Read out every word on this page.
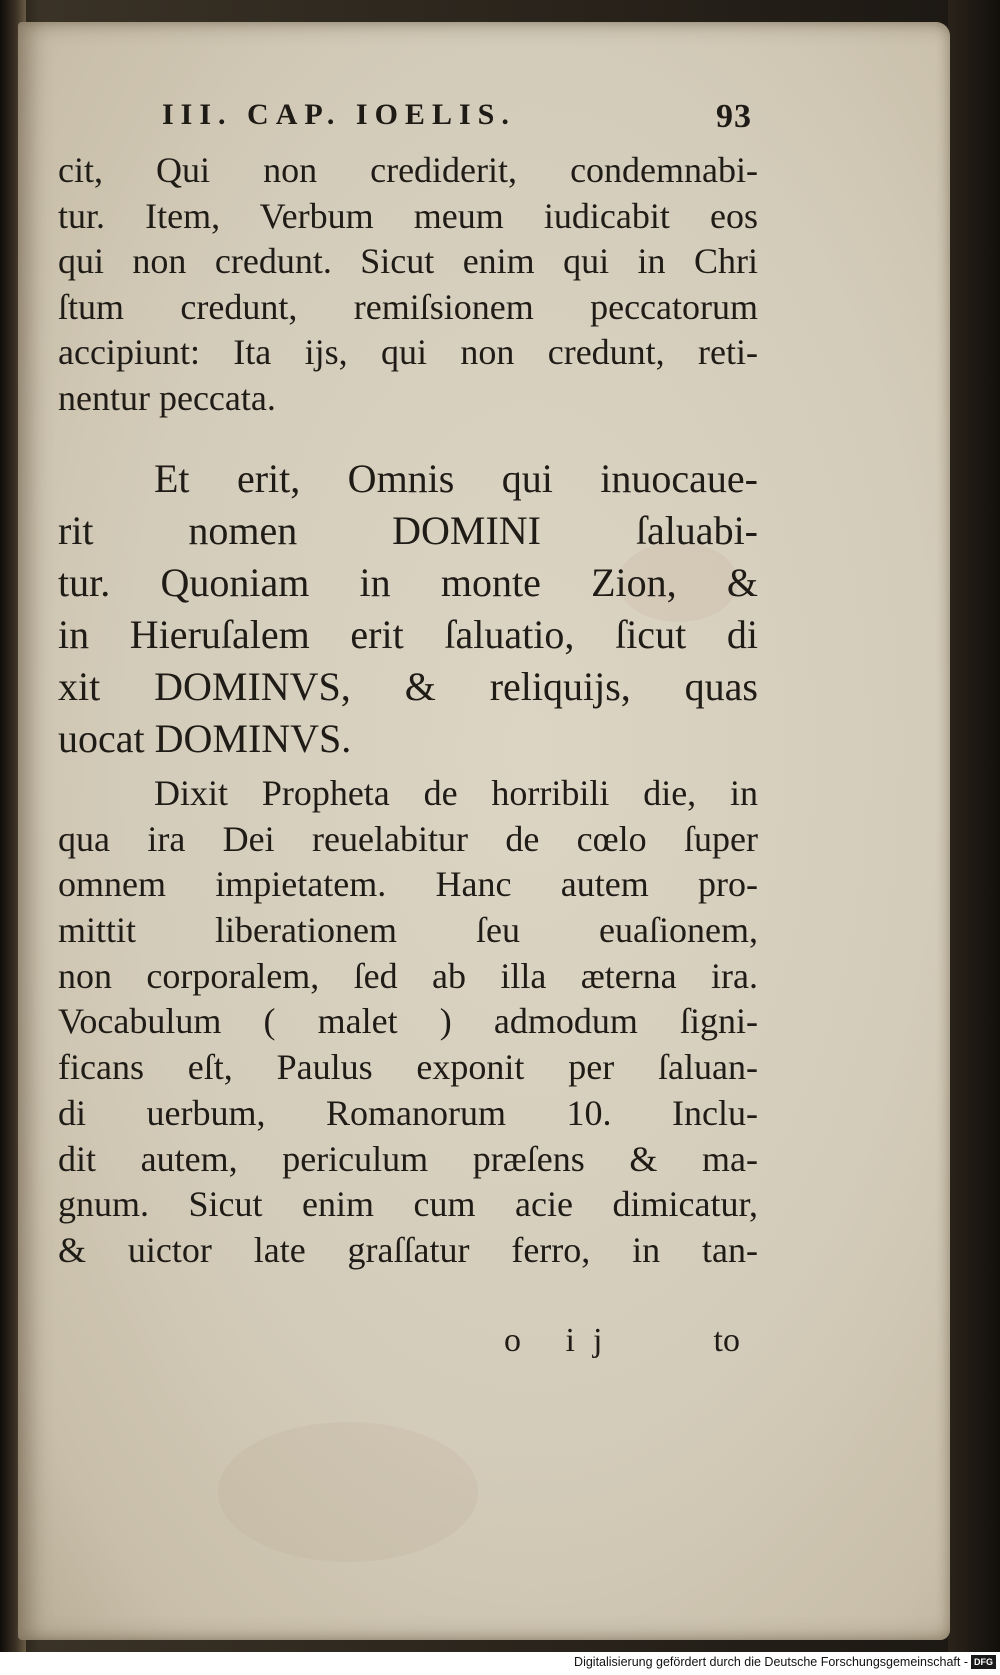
III. CAP. IOELIS.	93
cit, Qui non crediderit, condemnabi-
tur. Item, Verbum meum iudicabit eos
qui non credunt. Sicut enim qui in Chri
ſtum credunt, remiſsionem peccatorum
accipiunt: Ita ijs, qui non credunt, reti-
nentur peccata.
Et erit, Omnis qui inuocaue-
rit nomen DOMINI ſaluabi-
tur. Quoniam in monte Zion, &
in Hieruſalem erit ſaluatio, ſicut di
xit DOMINVS, & reliquijs, quas
uocat DOMINVS.
Dixit Propheta de horribili die, in
qua ira Dei reuelabitur de cœlo ſuper
omnem impietatem. Hanc autem pro-
mittit liberationem ſeu euaſionem,
non corporalem, ſed ab illa æterna ira.
Vocabulum ( malet ) admodum ſigni-
ficans eſt, Paulus exponit per ſaluan-
di uerbum, Romanorum 10. Inclu-
dit autem, periculum præſens & ma-
gnum. Sicut enim cum acie dimicatur,
& uictor late graſſatur ferro, in tan-
o ij	to
Digitalisierung gefördert durch die Deutsche Forschungsgemeinschaft - DFG
